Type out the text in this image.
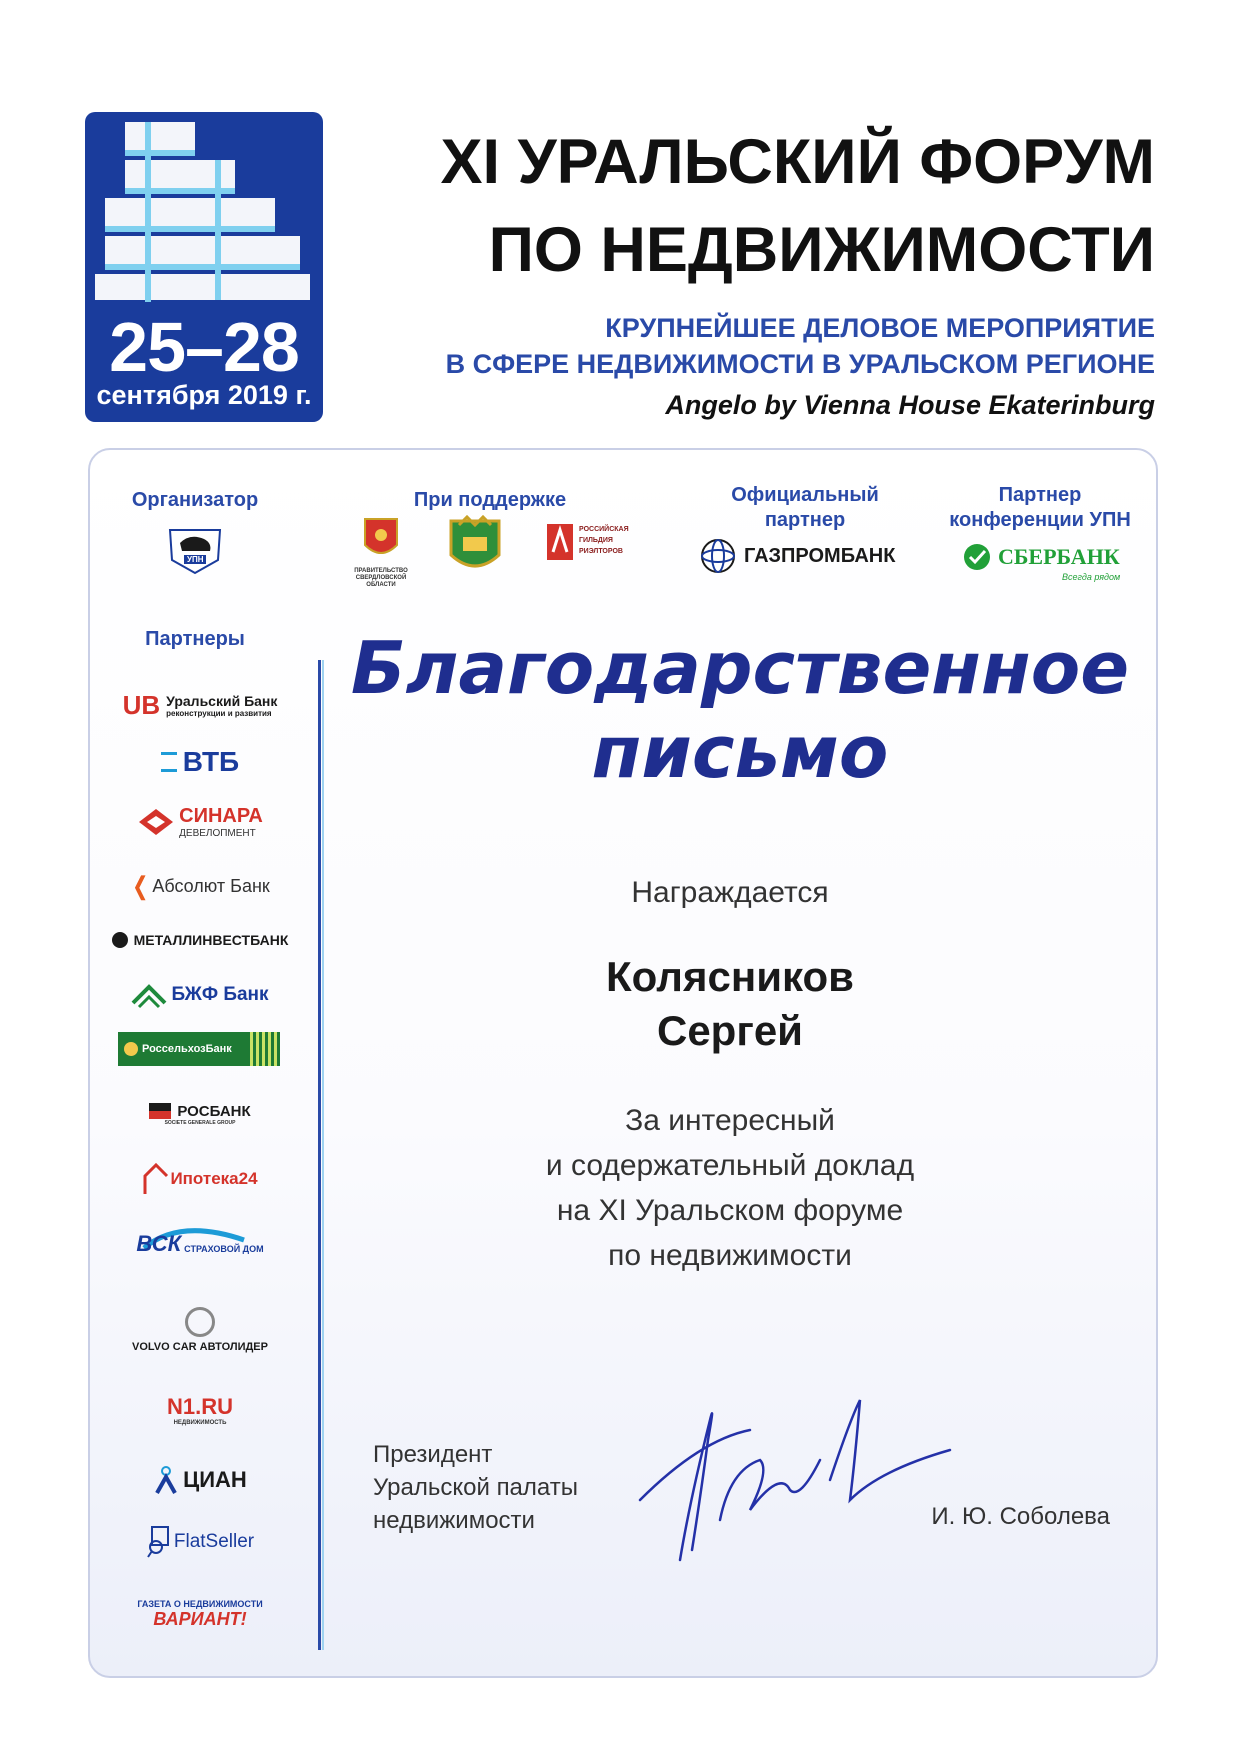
25–28
сентября 2019 г.
XI УРАЛЬСКИЙ ФОРУМ
ПО НЕДВИЖИМОСТИ
КРУПНЕЙШЕЕ ДЕЛОВОЕ МЕРОПРИЯТИЕ
В СФЕРЕ НЕДВИЖИМОСТИ В УРАЛЬСКОМ РЕГИОНЕ
Angelo by Vienna House Ekaterinburg
Организатор
УПН
При поддержке
ПРАВИТЕЛЬСТВО СВЕРДЛОВСКОЙ ОБЛАСТИ
РОССИЙСКАЯ ГИЛЬДИЯ РИЭЛТОРОВ
Официальный
партнер
ГАЗПРОМБАНК
Партнер
конференции УПН
СБЕРБАНК
Всегда рядом
Партнеры
UB Уральский Банк
реконструкции и развития
ВТБ
СИНАРА
ДЕВЕЛОПМЕНТ
❬ Абсолют Банк
МЕТАЛЛИНВЕСТБАНК
БЖФ Банк
РоссельхозБанк
РОСБАНК
SOCIETE GENERALE GROUP
Ипотека24
ВСК СТРАХОВОЙ ДОМ
VOLVO CAR АВТОЛИДЕР
N1.RU
НЕДВИЖИМОСТЬ
ЦИАН
FlatSeller
ГАЗЕТА О НЕДВИЖИМОСТИ
ВАРИАНТ!
Благодарственное
письмо
Награждается
Колясников
Сергей
За интересный
и содержательный доклад
на XI Уральском форуме
по недвижимости
Президент
Уральской палаты
недвижимости	И. Ю. Соболева
